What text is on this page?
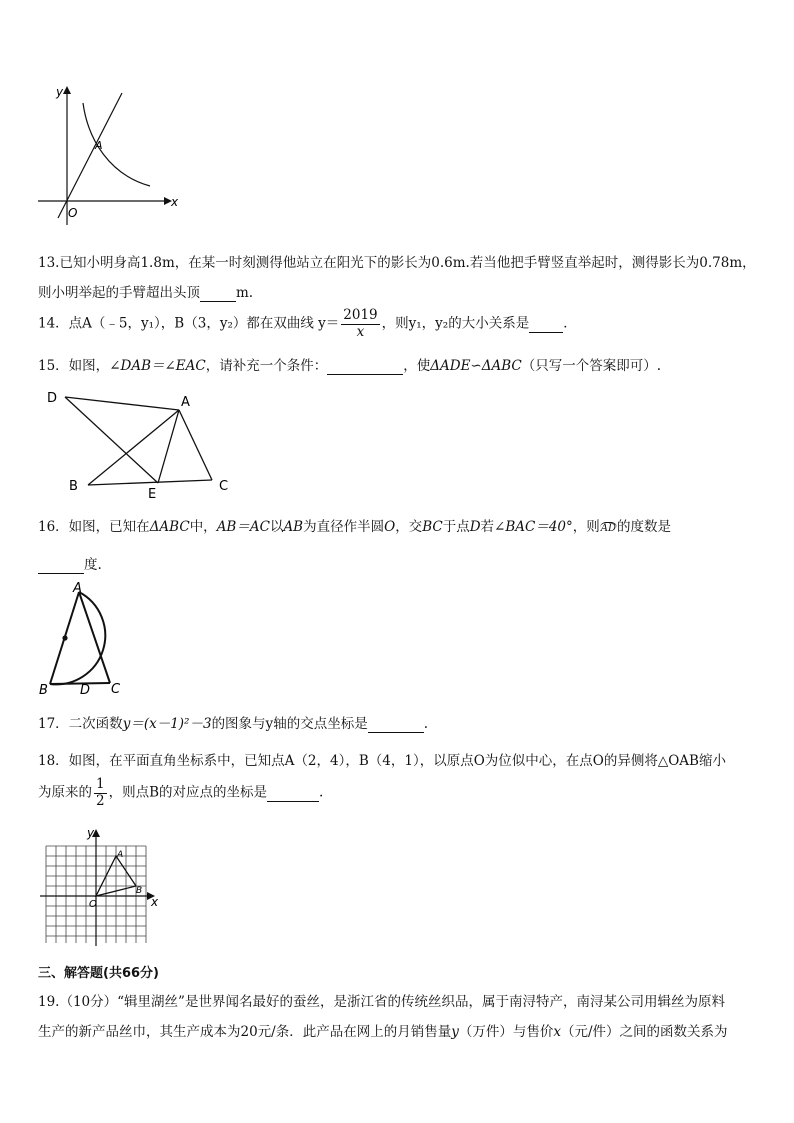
y
x
O
A
13.已知小明身高1.8m，在某一时刻测得他站立在阳光下的影长为0.6m.若当他把手臂竖直举起时，测得影长为0.78m，
则小明举起的手臂超出头顶	m.
14．点A（﹣5，y₁），B（3，y₂）都在双曲线 $y= \frac{2019}{x}$ ，则y₁，y₂的大小关系是	．
15．如图，∠DAB＝∠EAC，请补充一个条件：	，使ΔADE∽ΔABC（只写一个答案即可）.
D	A
B
E
C
16．如图，已知在ΔABC中，AB＝AC以AB为直径作半圆O，交BC于点D若∠BAC＝40°，则AD的度数是
度.
A
B D C
17．二次函数y＝(x－1)²－3的图象与y轴的交点坐标是	.
18．如图，在平面直角坐标系中，已知点A（2，4），B（4，1），以原点O为位似中心，在点O的异侧将△OAB缩小
为原来的 $\frac{1}{2}$ ，则点B的对应点的坐标是	.
y
x
O
A
B
三、解答题(共66分)
19.（10分）“辑里湖丝”是世界闻名最好的蚕丝，是浙江省的传统丝织品，属于南浔特产，南浔某公司用辑丝为原料
生产的新产品丝巾，其生产成本为20元/条．此产品在网上的月销售量y（万件）与售价x（元/件）之间的函数关系为
